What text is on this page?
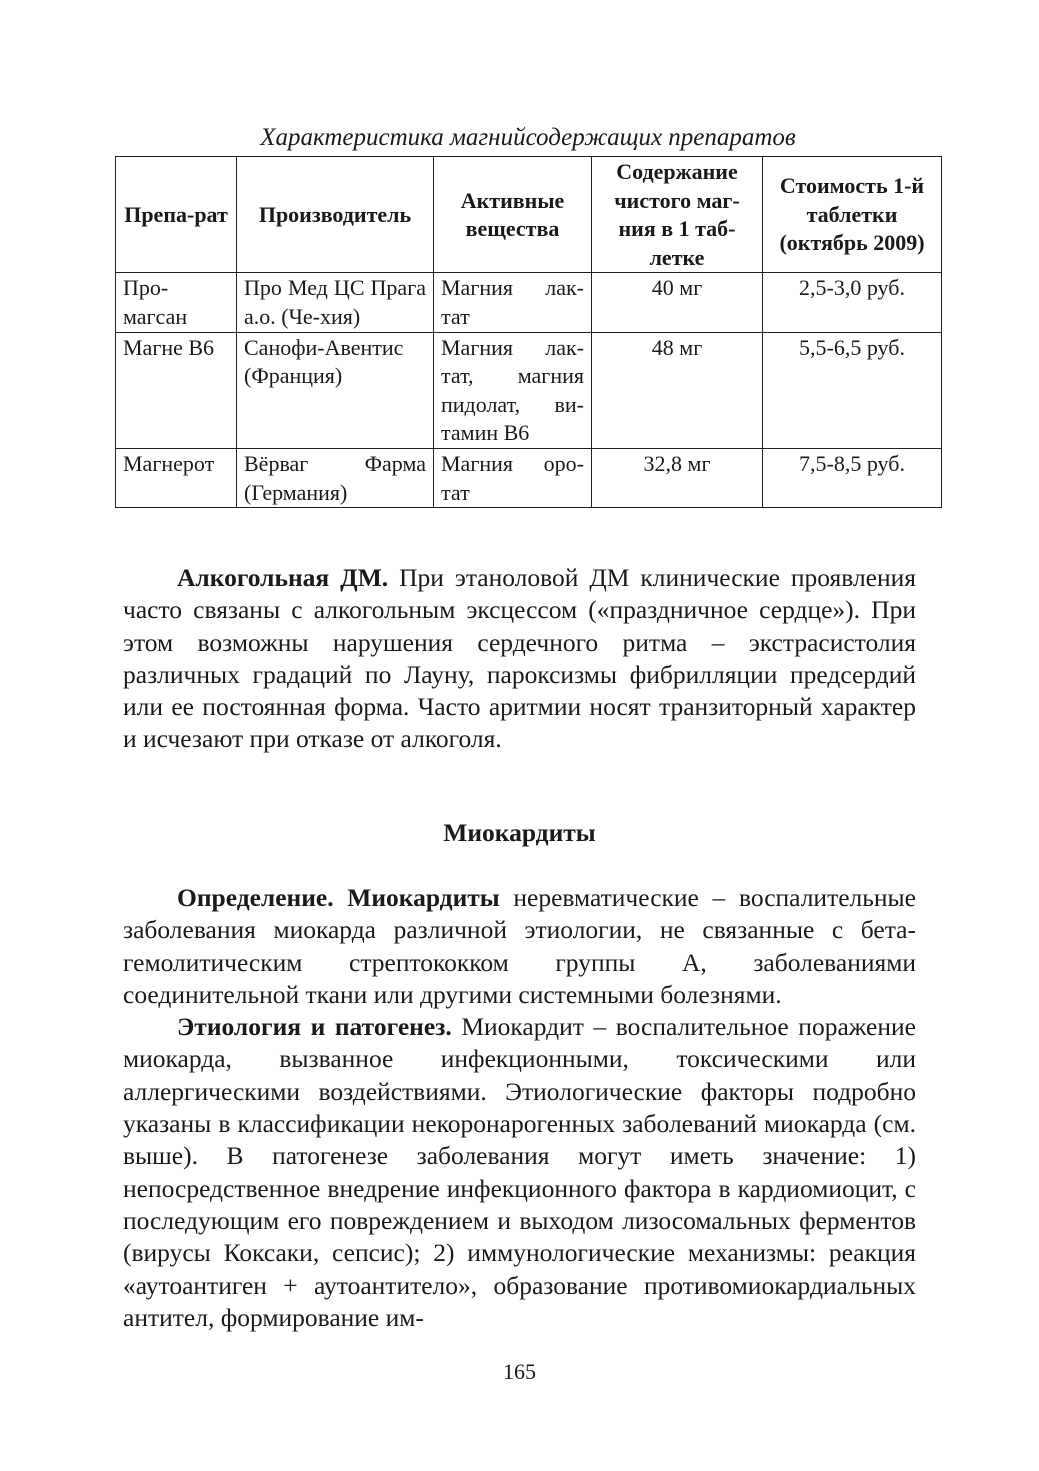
Характеристика магнийсодержащих препаратов
Препа-рат	Производитель	Активные вещества	Содержание чистого маг-ния в 1 таб-летке	Стоимость 1-й таблетки (октябрь 2009)
Про-магсан	Про Мед ЦС Прага а.о. (Че-хия)	Магния лак-тат	40 мг	2,5-3,0 руб.
Магне В6	Санофи-Авентис (Франция)	Магния лак-тат, магния пидолат, ви-тамин В6	48 мг	5,5-6,5 руб.
Магнерот	Вёрваг Фарма (Германия)	Магния оро-тат	32,8 мг	7,5-8,5 руб.

Алкогольная ДМ. При этаноловой ДМ клинические проявления часто связаны с алкогольным эксцессом («праздничное сердце»). При этом возможны нарушения сердечного ритма – экстрасистолия различных градаций по Лауну, пароксизмы фибрилляции предсердий или ее постоянная форма. Часто аритмии носят транзиторный характер и исчезают при отказе от алкоголя.

Миокардиты

Определение. Миокардиты неревматические – воспалительные заболевания миокарда различной этиологии, не связанные с бета-гемолитическим стрептококком группы А, заболеваниями соединительной ткани или другими системными болезнями.

Этиология и патогенез. Миокардит – воспалительное поражение миокарда, вызванное инфекционными, токсическими или аллергическими воздействиями. Этиологические факторы подробно указаны в классификации некоронарогенных заболеваний миокарда (см. выше). В патогенезе заболевания могут иметь значение: 1) непосредственное внедрение инфекционного фактора в кардиомиоцит, с последующим его повреждением и выходом лизосомальных ферментов (вирусы Коксаки, сепсис); 2) иммунологические механизмы: реакция «аутоантиген + аутоантитело», образование противомиокардиальных антител, формирование им-

165
